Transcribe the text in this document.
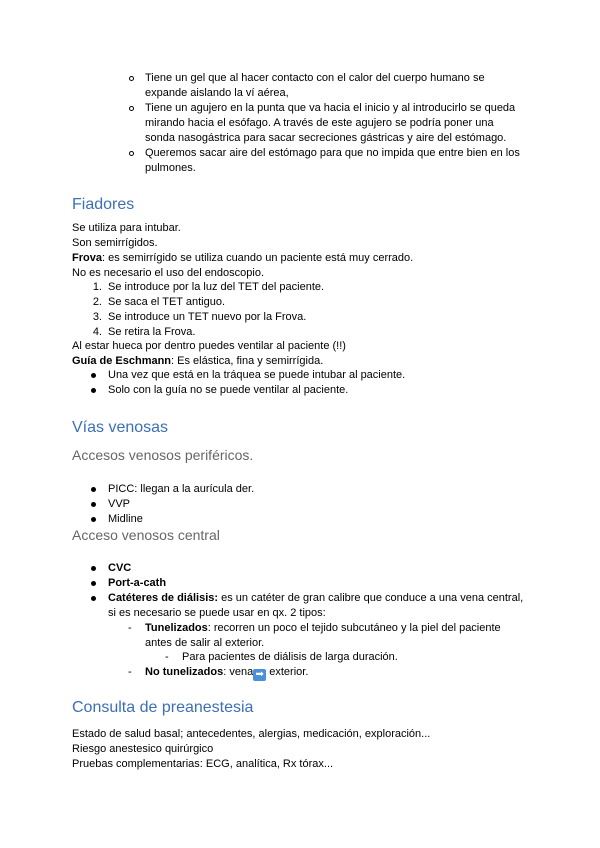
Tiene un gel que al hacer contacto con el calor del cuerpo humano se
expande aislando la ví aérea,
Tiene un agujero en la punta que va hacia el inicio y al introducirlo se queda
mirando hacia el esófago. A través de este agujero se podría poner una
sonda nasogástrica para sacar secreciones gástricas y aire del estómago.
Queremos sacar aire del estómago para que no impida que entre bien en los
pulmones.
Fiadores
Se utiliza para intubar.
Son semirrígidos.
Frova: es semirrígido se utiliza cuando un paciente está muy cerrado.
No es necesario el uso del endoscopio.
1. Se introduce por la luz del TET del paciente.
2. Se saca el TET antiguo.
3. Se introduce un TET nuevo por la Frova.
4. Se retira la Frova.
Al estar hueca por dentro puedes ventilar al paciente (!!)
Guía de Eschmann: Es elástica, fina y semirrígida.
Una vez que está en la tráquea se puede intubar al paciente.
Solo con la guía no se puede ventilar al paciente.
Vías venosas
Accesos venosos periféricos.
PICC: llegan a la aurícula der.
VVP
Midline
Acceso venosos central
CVC
Port-a-cath
Catéteres de diálisis: es un catéter de gran calibre que conduce a una vena central,
si es necesario se puede usar en qx. 2 tipos:
- Tunelizados: recorren un poco el tejido subcutáneo y la piel del paciente
antes de salir al exterior.
- Para pacientes de diálisis de larga duración.
- No tunelizados: vena ➡ exterior.
Consulta de preanestesia
Estado de salud basal; antecedentes, alergias, medicación, exploración...
Riesgo anestesico quirúrgico
Pruebas complementarias: ECG, analítica, Rx tórax...
